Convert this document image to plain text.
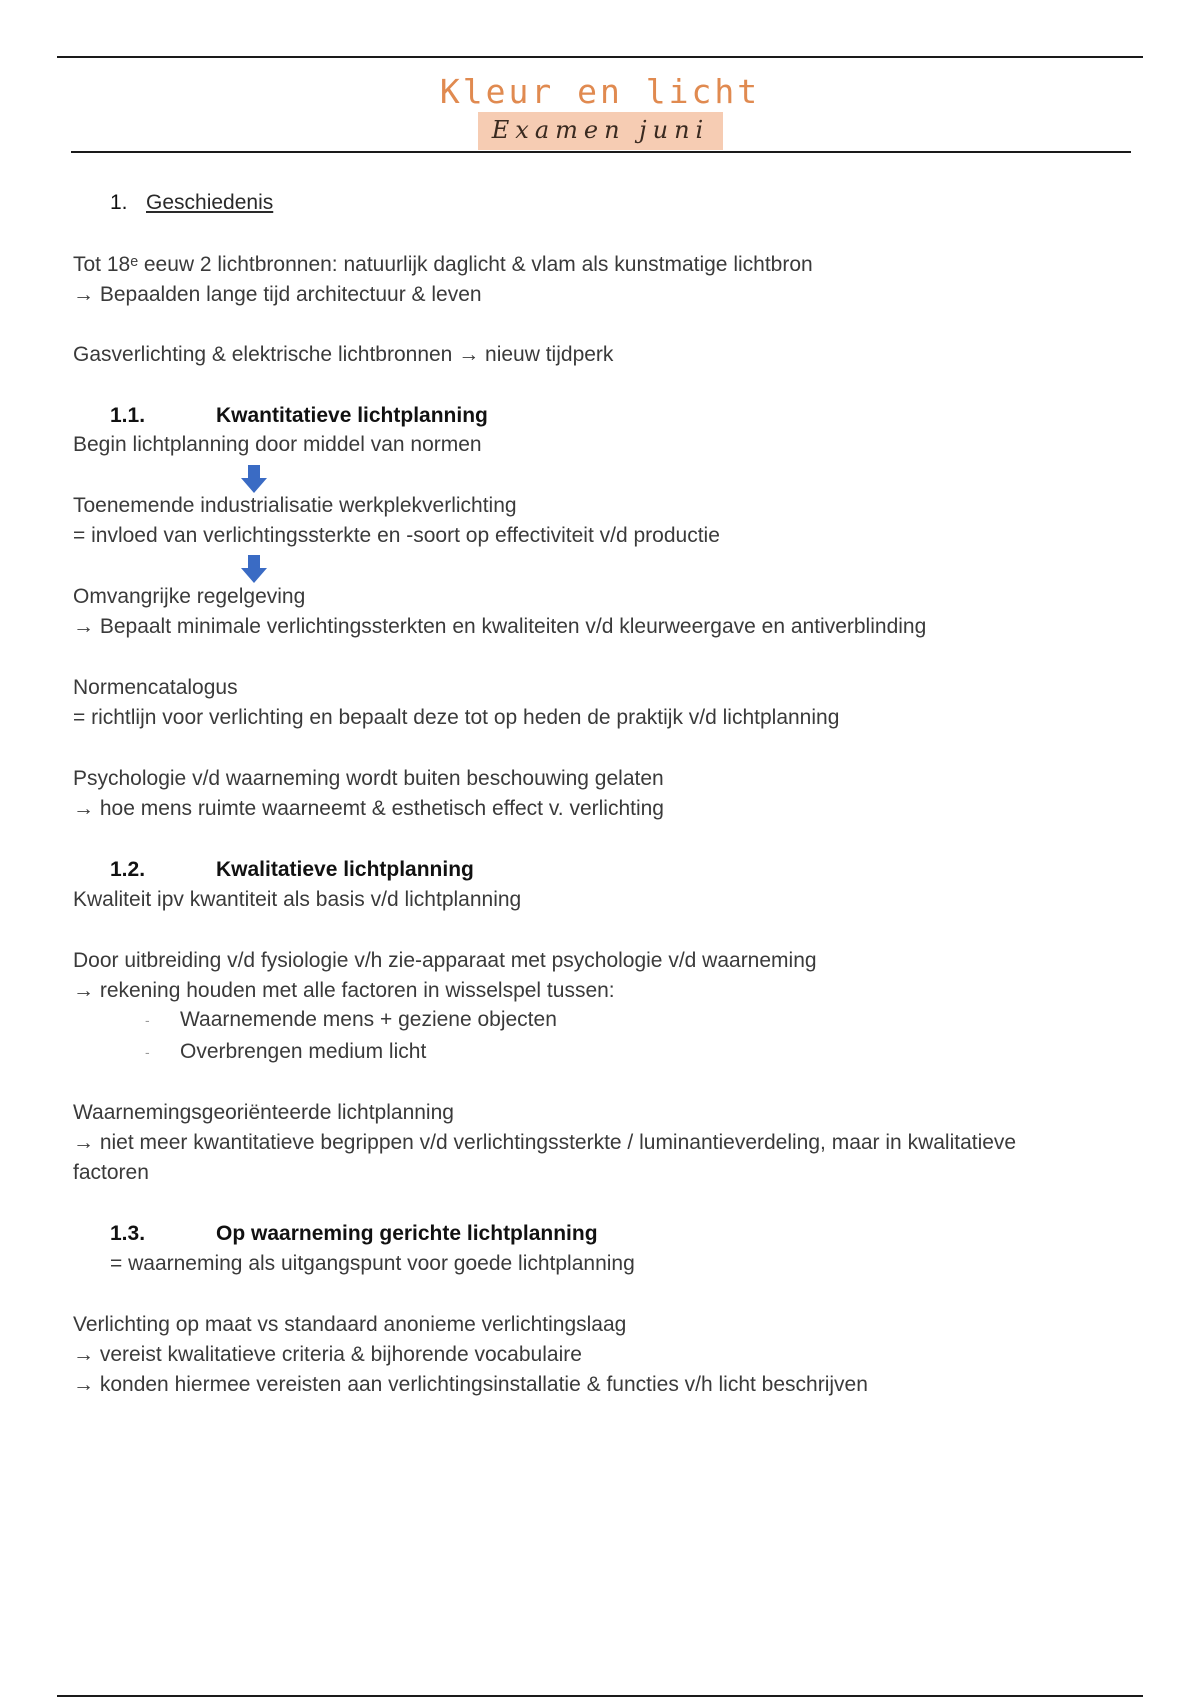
Kleur en licht
Examen juni
1. Geschiedenis
Tot 18ᵉ eeuw 2 lichtbronnen: natuurlijk daglicht & vlam als kunstmatige lichtbron
→ Bepaalden lange tijd architectuur & leven
Gasverlichting & elektrische lichtbronnen → nieuw tijdperk
1.1.	Kwantitatieve lichtplanning
Begin lichtplanning door middel van normen
Toenemende industrialisatie werkplekverlichting
= invloed van verlichtingssterkte en -soort op effectiviteit v/d productie
Omvangrijke regelgeving
→ Bepaalt minimale verlichtingssterkten en kwaliteiten v/d kleurweergave en antiverblinding
Normencatalogus
= richtlijn voor verlichting en bepaalt deze tot op heden de praktijk v/d lichtplanning
Psychologie v/d waarneming wordt buiten beschouwing gelaten
→ hoe mens ruimte waarneemt & esthetisch effect v. verlichting
1.2.	Kwalitatieve lichtplanning
Kwaliteit ipv kwantiteit als basis v/d lichtplanning
Door uitbreiding v/d fysiologie v/h zie-apparaat met psychologie v/d waarneming
→ rekening houden met alle factoren in wisselspel tussen:
- Waarnemende mens + geziene objecten
- Overbrengen medium licht
Waarnemingsgeoriënteerde lichtplanning
→ niet meer kwantitatieve begrippen v/d verlichtingssterkte / luminantieverdeling, maar in kwalitatieve
factoren
1.3.	Op waarneming gerichte lichtplanning
= waarneming als uitgangspunt voor goede lichtplanning
Verlichting op maat vs standaard anonieme verlichtingslaag
→ vereist kwalitatieve criteria & bijhorende vocabulaire
→ konden hiermee vereisten aan verlichtingsinstallatie & functies v/h licht beschrijven
